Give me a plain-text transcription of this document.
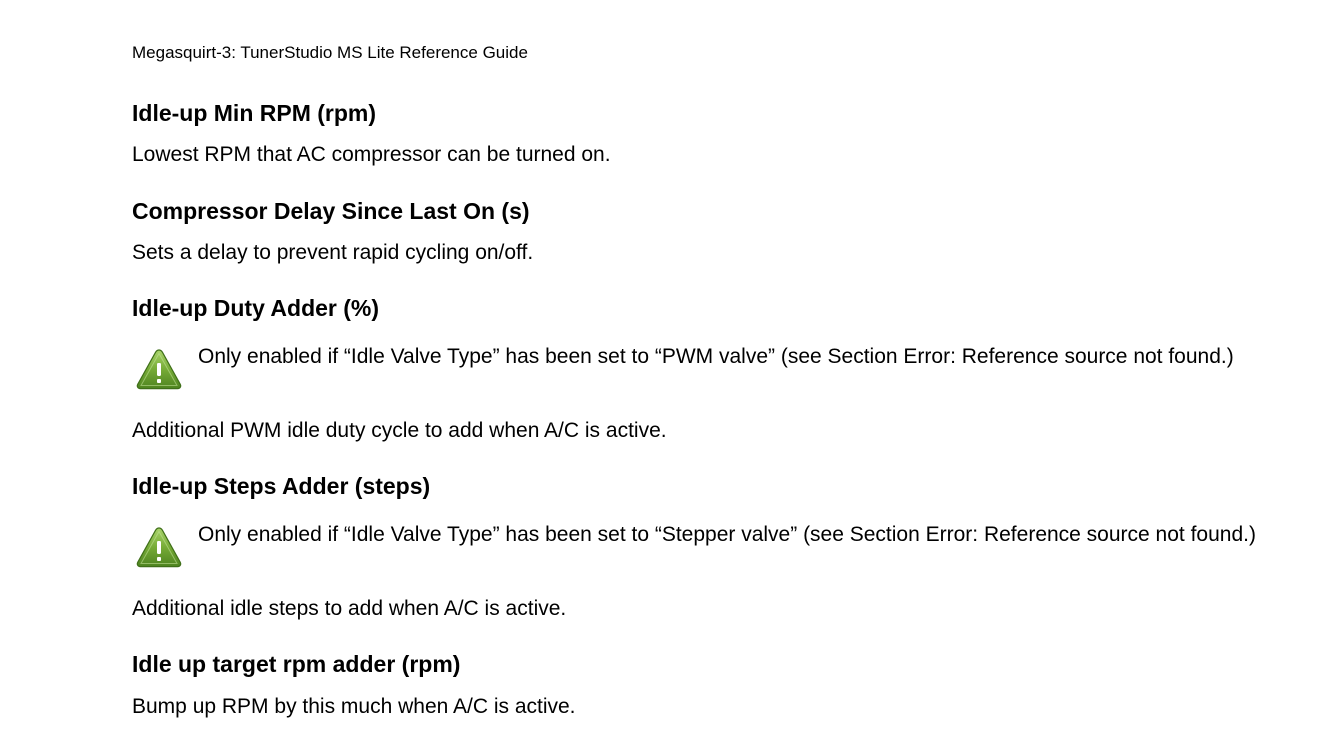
Megasquirt-3: TunerStudio MS Lite Reference Guide
Idle-up Min RPM (rpm)
Lowest RPM that AC compressor can be turned on.
Compressor Delay Since Last On (s)
Sets a delay to prevent rapid cycling on/off.
Idle-up Duty Adder (%)
Only enabled if “Idle Valve Type” has been set to “PWM valve” (see Section Error: Reference source not found.)
Additional PWM idle duty cycle to add when A/C is active.
Idle-up Steps Adder (steps)
Only enabled if “Idle Valve Type” has been set to “Stepper valve” (see Section Error: Reference source not found.)
Additional idle steps to add when A/C is active.
Idle up target rpm adder (rpm)
Bump up RPM by this much when A/C is active.
